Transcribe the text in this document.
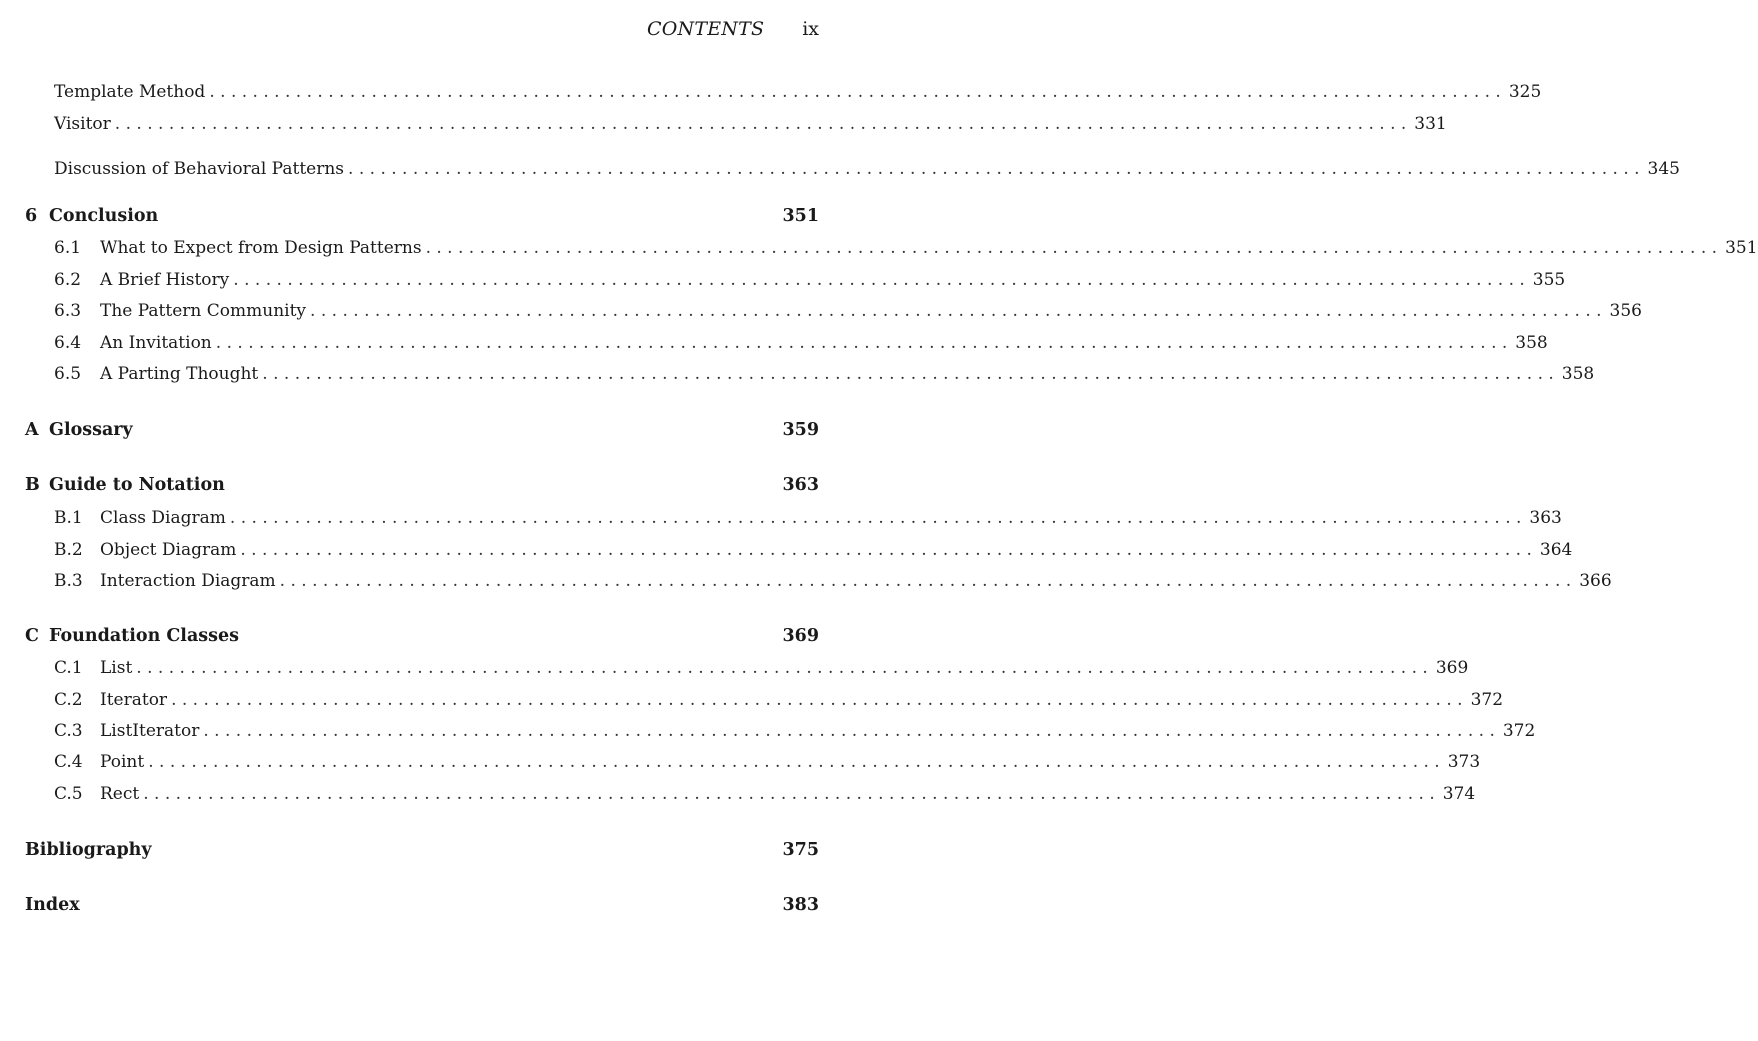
CONTENTS ix
Template Method . . . . . . . . . . . . . . . . . . . . . . . . . . . . . . . . . . . . . . . . . . . . . . . . . . . . . . . . . . . . . . . . . . . . . . . . . . . . . . . . . . . . . . . . . . . . . . . . . . . . . . . . . . . . . . . . . . . . . . . . 325
Visitor . . . . . . . . . . . . . . . . . . . . . . . . . . . . . . . . . . . . . . . . . . . . . . . . . . . . . . . . . . . . . . . . . . . . . . . . . . . . . . . . . . . . . . . . . . . . . . . . . . . . . . . . . . . . . . . . . . . . . . . . 331
Discussion of Behavioral Patterns . . . . . . . . . . . . . . . . . . . . . . . . . . . . . . . . . . . . . . . . . . . . . . . . . . . . . . . . . . . . . . . . . . . . . . . . . . . . . . . . . . . . . . . . . . . . . . . . . . . . . . . . . . . . . . . . . . . . . . . . 345
6 Conclusion	351
6.1	What to Expect from Design Patterns . . . . . . . . . . . . . . . . . . . . . . . . . . . . . . . . . . . . . . . . . . . . . . . . . . . . . . . . . . . . . . . . . . . . . . . . . . . . . . . . . . . . . . . . . . . . . . . . . . . . . . . . . . . . . . . . . . . . . . . . 351
6.2	A Brief History . . . . . . . . . . . . . . . . . . . . . . . . . . . . . . . . . . . . . . . . . . . . . . . . . . . . . . . . . . . . . . . . . . . . . . . . . . . . . . . . . . . . . . . . . . . . . . . . . . . . . . . . . . . . . . . . . . . . . . . . 355
6.3	The Pattern Community . . . . . . . . . . . . . . . . . . . . . . . . . . . . . . . . . . . . . . . . . . . . . . . . . . . . . . . . . . . . . . . . . . . . . . . . . . . . . . . . . . . . . . . . . . . . . . . . . . . . . . . . . . . . . . . . . . . . . . . . 356
6.4	An Invitation . . . . . . . . . . . . . . . . . . . . . . . . . . . . . . . . . . . . . . . . . . . . . . . . . . . . . . . . . . . . . . . . . . . . . . . . . . . . . . . . . . . . . . . . . . . . . . . . . . . . . . . . . . . . . . . . . . . . . . . . 358
6.5	A Parting Thought . . . . . . . . . . . . . . . . . . . . . . . . . . . . . . . . . . . . . . . . . . . . . . . . . . . . . . . . . . . . . . . . . . . . . . . . . . . . . . . . . . . . . . . . . . . . . . . . . . . . . . . . . . . . . . . . . . . . . . . . 358
A Glossary	359
B Guide to Notation	363
B.1	Class Diagram . . . . . . . . . . . . . . . . . . . . . . . . . . . . . . . . . . . . . . . . . . . . . . . . . . . . . . . . . . . . . . . . . . . . . . . . . . . . . . . . . . . . . . . . . . . . . . . . . . . . . . . . . . . . . . . . . . . . . . . . 363
B.2	Object Diagram . . . . . . . . . . . . . . . . . . . . . . . . . . . . . . . . . . . . . . . . . . . . . . . . . . . . . . . . . . . . . . . . . . . . . . . . . . . . . . . . . . . . . . . . . . . . . . . . . . . . . . . . . . . . . . . . . . . . . . . . 364
B.3	Interaction Diagram . . . . . . . . . . . . . . . . . . . . . . . . . . . . . . . . . . . . . . . . . . . . . . . . . . . . . . . . . . . . . . . . . . . . . . . . . . . . . . . . . . . . . . . . . . . . . . . . . . . . . . . . . . . . . . . . . . . . . . . . 366
C Foundation Classes	369
C.1	List . . . . . . . . . . . . . . . . . . . . . . . . . . . . . . . . . . . . . . . . . . . . . . . . . . . . . . . . . . . . . . . . . . . . . . . . . . . . . . . . . . . . . . . . . . . . . . . . . . . . . . . . . . . . . . . . . . . . . . . . 369
C.2	Iterator . . . . . . . . . . . . . . . . . . . . . . . . . . . . . . . . . . . . . . . . . . . . . . . . . . . . . . . . . . . . . . . . . . . . . . . . . . . . . . . . . . . . . . . . . . . . . . . . . . . . . . . . . . . . . . . . . . . . . . . . 372
C.3	ListIterator . . . . . . . . . . . . . . . . . . . . . . . . . . . . . . . . . . . . . . . . . . . . . . . . . . . . . . . . . . . . . . . . . . . . . . . . . . . . . . . . . . . . . . . . . . . . . . . . . . . . . . . . . . . . . . . . . . . . . . . . 372
C.4	Point . . . . . . . . . . . . . . . . . . . . . . . . . . . . . . . . . . . . . . . . . . . . . . . . . . . . . . . . . . . . . . . . . . . . . . . . . . . . . . . . . . . . . . . . . . . . . . . . . . . . . . . . . . . . . . . . . . . . . . . . 373
C.5	Rect . . . . . . . . . . . . . . . . . . . . . . . . . . . . . . . . . . . . . . . . . . . . . . . . . . . . . . . . . . . . . . . . . . . . . . . . . . . . . . . . . . . . . . . . . . . . . . . . . . . . . . . . . . . . . . . . . . . . . . . . 374
Bibliography	375
Index	383
